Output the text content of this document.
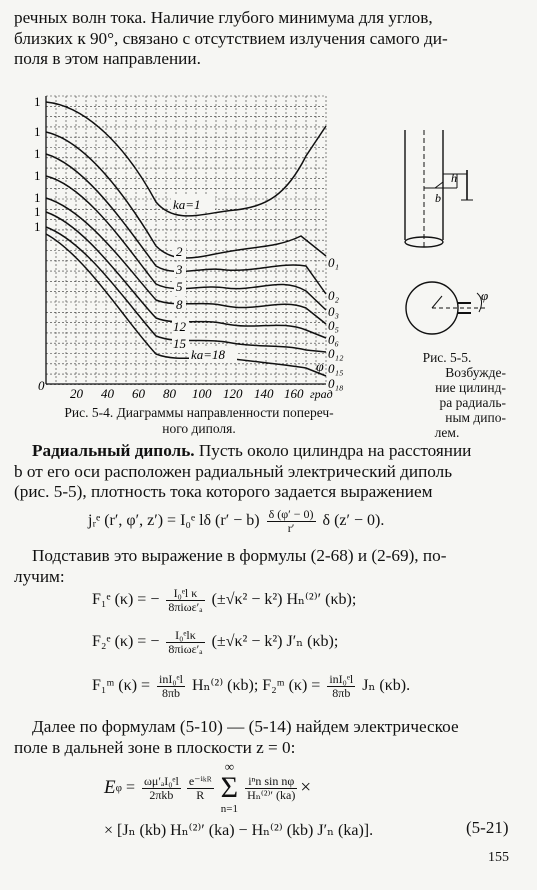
речных волн тока. Наличие глубого минимума для углов,
близких к 90°, связано с отсутствием излучения самого ди-
поля в этом направлении.
1
1
1
1
1
1
1
ka=1
2
3
5
8
12
15
ka=18
0₁
0₂
0₃
0₅
0₆
0₁₂
0₁₅
0₁₈
φ
0
20 40 60 80 100 120 140 160 град
Рис. 5-4. Диаграммы направленности попереч-
ного диполя.
h
b
φ
Рис. 5-5.
Возбужде-
ние цилинд-
ра радиаль-
ным дипо-
лем.
Радиальный диполь. Пусть около цилиндра на расстоянии
b от его оси расположен радиальный электрический диполь
(рис. 5-5), плотность тока которого задается выражением
jᵣᵉ (r′, φ′, z′) = I₀ᵉ lδ $(r' - b) \frac{\delta (\varphi' - 0)}{r'}$ δ (z′ − 0).
Подставив это выражение в формулы (2-68) и (2-69), по-
лучим:
F₁ᵉ (κ) = − $\frac{\text{I₀ᵉl κ}}{\text{8πiωε′ₐ}} (\pm√\kappa^2 - k^2)$ Hₙ⁽²⁾′ (κb);
F₂ᵉ (κ) = − $\frac{\text{I₀ᵉlκ}}{\text{8πiωε′ₐ}} (\pm√\kappa^2 - k^2)$ J′ₙ (κb);
F₁ᵐ $(\kappa) = \frac{\text{inI₀ᵉl}}{8\pi b} H_n^{(2)}$ (κb); F₂ᵐ $(\kappa) = \frac{\text{inI₀ᵉl}}{8\pi b}$ Jₙ (κb).
Далее по формулам (5-10) — (5-14) найдем электрическое
поле в дальней зоне в плоскости z = 0:
E $\varphi = \frac{\text{ωμ′ₐI₀ᵉl}}{\text{2πkb}} \frac{\text{e⁻ⁱᵏᴿ}}{R}$
∞
Σ
n=1
$\frac{\text{iⁿn sin nφ}}{\text{Hₙ⁽²⁾′ (ka)}}$ ×
× [Jₙ (kb) Hₙ⁽²⁾′ (ka) − Hₙ⁽²⁾ (kb) J′ₙ (ka)].	(5-21)
155
